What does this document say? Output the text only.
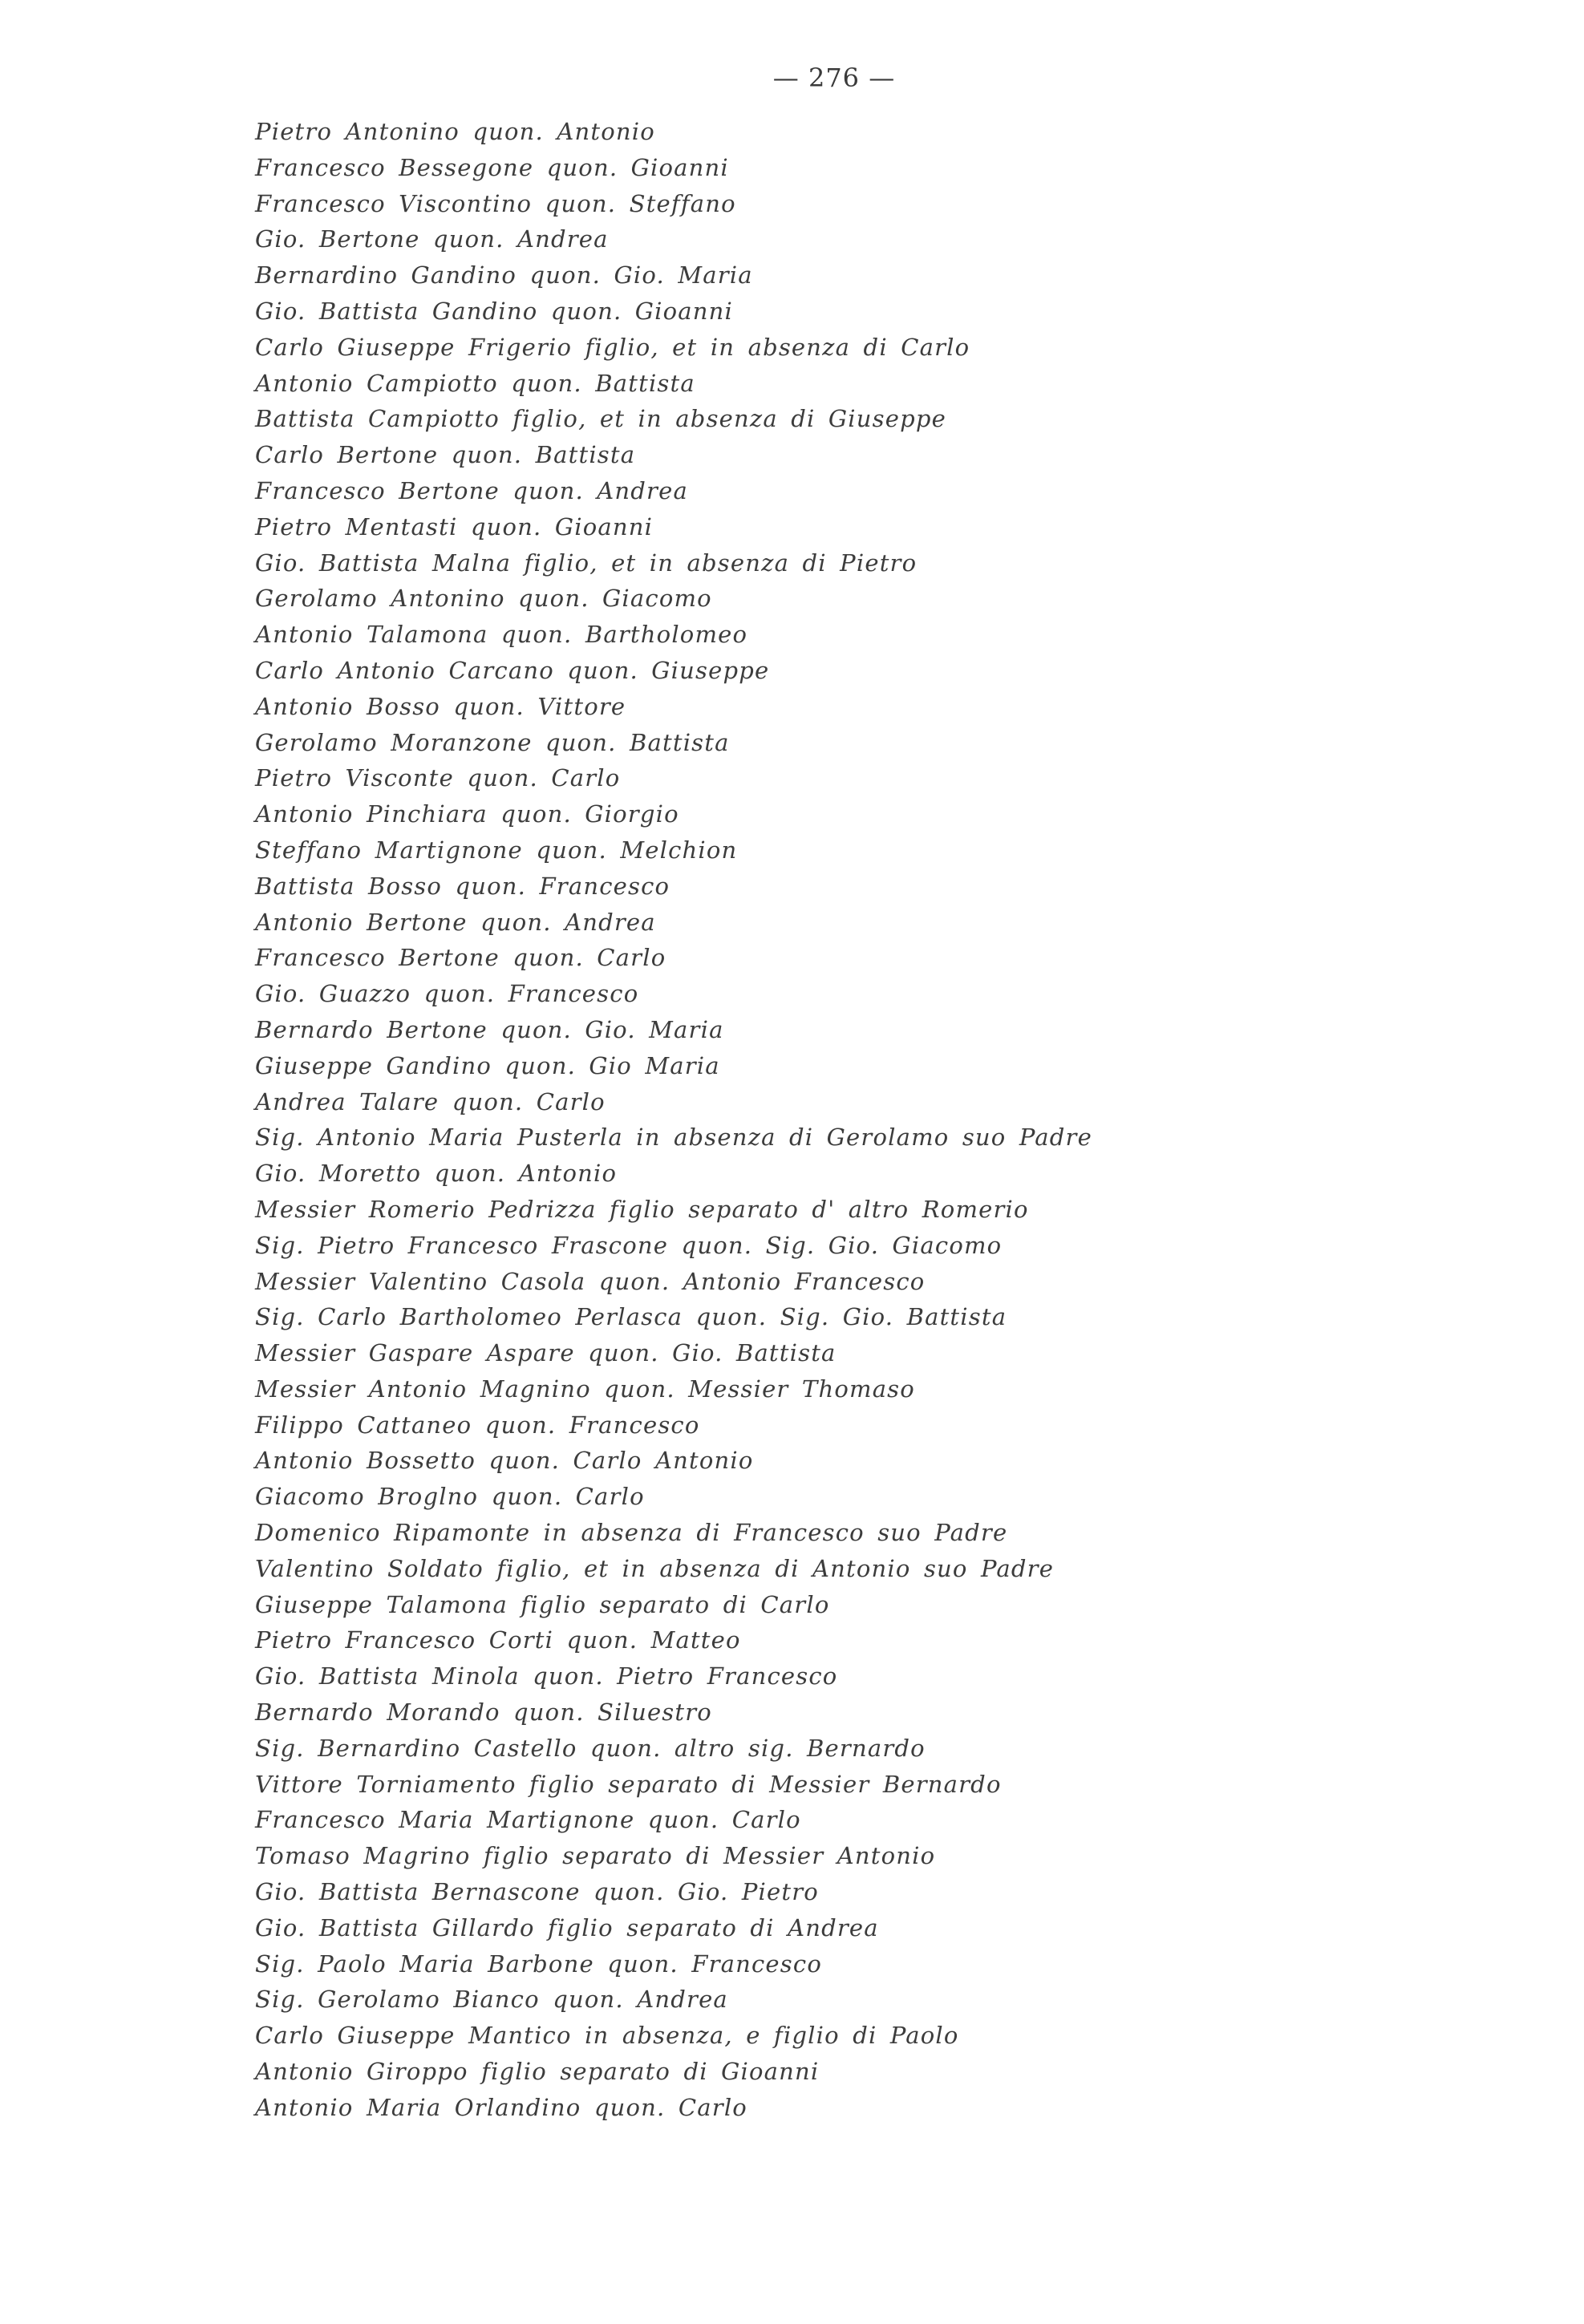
— 276 —
Pietro Antonino quon. Antonio
Francesco Bessegone quon. Gioanni
Francesco Viscontino quon. Steffano
Gio. Bertone quon. Andrea
Bernardino Gandino quon. Gio. Maria
Gio. Battista Gandino quon. Gioanni
Carlo Giuseppe Frigerio figlio, et in absenza di Carlo
Antonio Campiotto quon. Battista
Battista Campiotto figlio, et in absenza di Giuseppe
Carlo Bertone quon. Battista
Francesco Bertone quon. Andrea
Pietro Mentasti quon. Gioanni
Gio. Battista Malna figlio, et in absenza di Pietro
Gerolamo Antonino quon. Giacomo
Antonio Talamona quon. Bartholomeo
Carlo Antonio Carcano quon. Giuseppe
Antonio Bosso quon. Vittore
Gerolamo Moranzone quon. Battista
Pietro Visconte quon. Carlo
Antonio Pinchiara quon. Giorgio
Steffano Martignone quon. Melchion
Battista Bosso quon. Francesco
Antonio Bertone quon. Andrea
Francesco Bertone quon. Carlo
Gio. Guazzo quon. Francesco
Bernardo Bertone quon. Gio. Maria
Giuseppe Gandino quon. Gio Maria
Andrea Talare quon. Carlo
Sig. Antonio Maria Pusterla in absenza di Gerolamo suo Padre
Gio. Moretto quon. Antonio
Messier Romerio Pedrizza figlio separato d' altro Romerio
Sig. Pietro Francesco Frascone quon. Sig. Gio. Giacomo
Messier Valentino Casola quon. Antonio Francesco
Sig. Carlo Bartholomeo Perlasca quon. Sig. Gio. Battista
Messier Gaspare Aspare quon. Gio. Battista
Messier Antonio Magnino quon. Messier Thomaso
Filippo Cattaneo quon. Francesco
Antonio Bossetto quon. Carlo Antonio
Giacomo Broglno quon. Carlo
Domenico Ripamonte in absenza di Francesco suo Padre
Valentino Soldato figlio, et in absenza di Antonio suo Padre
Giuseppe Talamona figlio separato di Carlo
Pietro Francesco Corti quon. Matteo
Gio. Battista Minola quon. Pietro Francesco
Bernardo Morando quon. Siluestro
Sig. Bernardino Castello quon. altro sig. Bernardo
Vittore Torniamento figlio separato di Messier Bernardo
Francesco Maria Martignone quon. Carlo
Tomaso Magrino figlio separato di Messier Antonio
Gio. Battista Bernascone quon. Gio. Pietro
Gio. Battista Gillardo figlio separato di Andrea
Sig. Paolo Maria Barbone quon. Francesco
Sig. Gerolamo Bianco quon. Andrea
Carlo Giuseppe Mantico in absenza, e figlio di Paolo
Antonio Giroppo figlio separato di Gioanni
Antonio Maria Orlandino quon. Carlo
